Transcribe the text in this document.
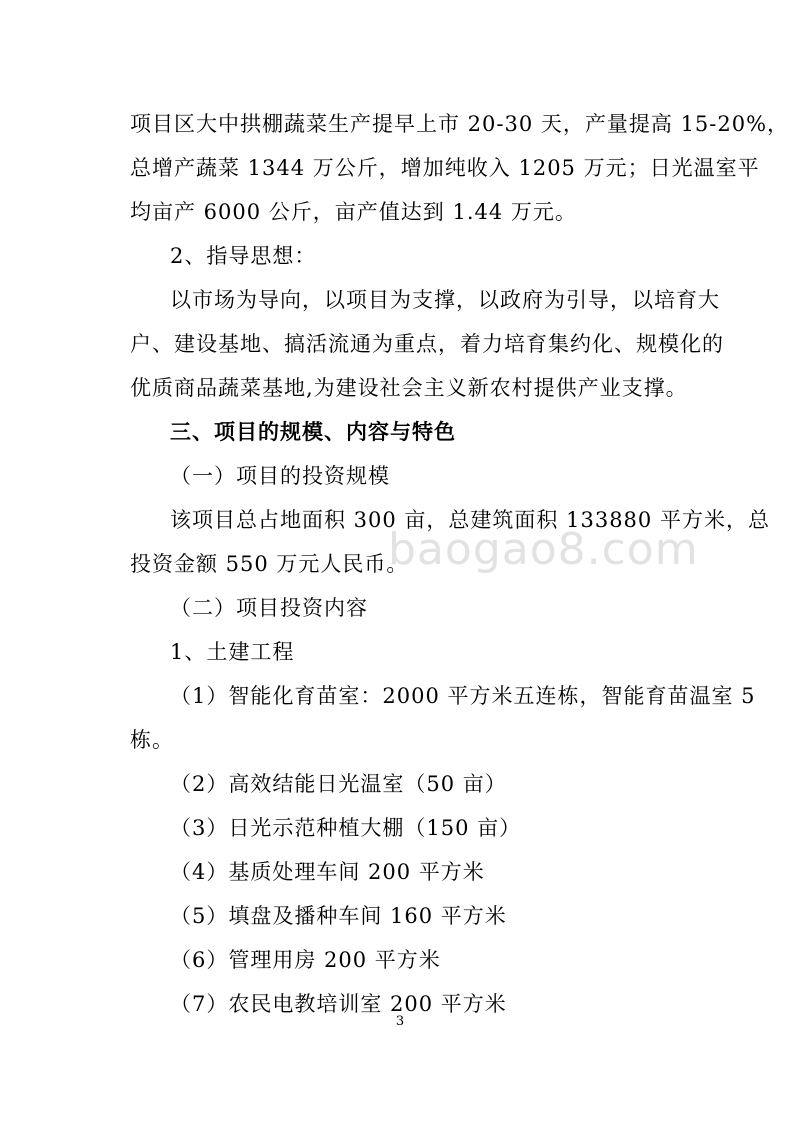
项目区大中拱棚蔬菜生产提早上市 20-30 天，产量提高 15-20%，
总增产蔬菜 1344 万公斤，增加纯收入 1205 万元；日光温室平
均亩产 6000 公斤，亩产值达到 1.44 万元。
2、指导思想：
以市场为导向，以项目为支撑，以政府为引导，以培育大
户、建设基地、搞活流通为重点，着力培育集约化、规模化的
优质商品蔬菜基地,为建设社会主义新农村提供产业支撑。
三、项目的规模、内容与特色
（一）项目的投资规模
该项目总占地面积 300 亩，总建筑面积 133880 平方米，总
投资金额 550 万元人民币。
（二）项目投资内容
1、土建工程
（1）智能化育苗室：2000 平方米五连栋，智能育苗温室 5
栋。
（2）高效结能日光温室（50 亩）
（3）日光示范种植大棚（150 亩）
（4）基质处理车间 200 平方米
（5）填盘及播种车间 160 平方米
（6）管理用房 200 平方米
（7）农民电教培训室 200 平方米
baogao8.com
3
